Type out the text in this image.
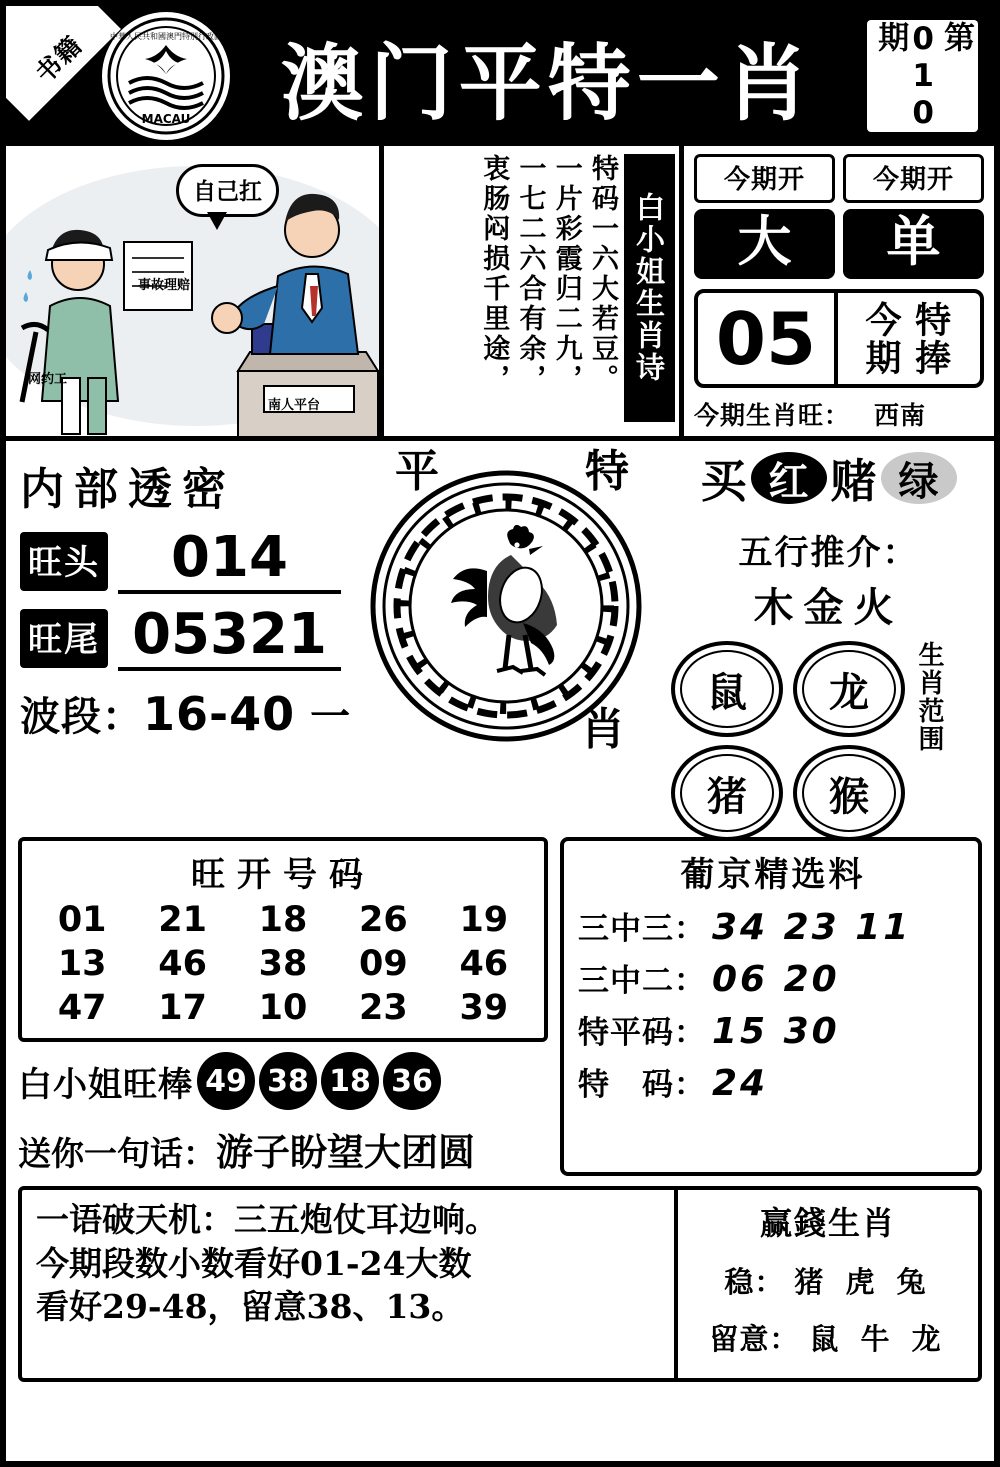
书籍
MACAU
中華人民共和國澳門特別行政區 澳门平特一肖	第010期
自己扛
事故理赔
网约工
南人平台
白小姐生肖诗
衷肠闷损千里途， 一七二六合有余， 一片彩霞归二九， 特码一六大若豆。	今期开
大
今期开
单
05	特捧
今期
今期生肖旺： 西南
内部透密
旺头	014
旺尾 05321
波段：16-40 一
平	特
肖
买 红 赌 绿
五行推介：
木金火
鼠	龙
猪	猴
生肖范围
旺开号码
01	21	18	26	19
13	46	38	09	46
47	17	10	23	39
白小姐旺棒 49 38 18 36
送你一句话：游子盼望大团圆
葡京精选料
三中三： 34 23 11
三中二： 06 20
特平码： 15 30
特　码： 24
一语破天机：三五炮仗耳边响。
今期段数小数看好01-24大数
看好29-48，留意38、13。
赢錢生肖
稳： 猪 虎 兔
留意： 鼠 牛 龙
